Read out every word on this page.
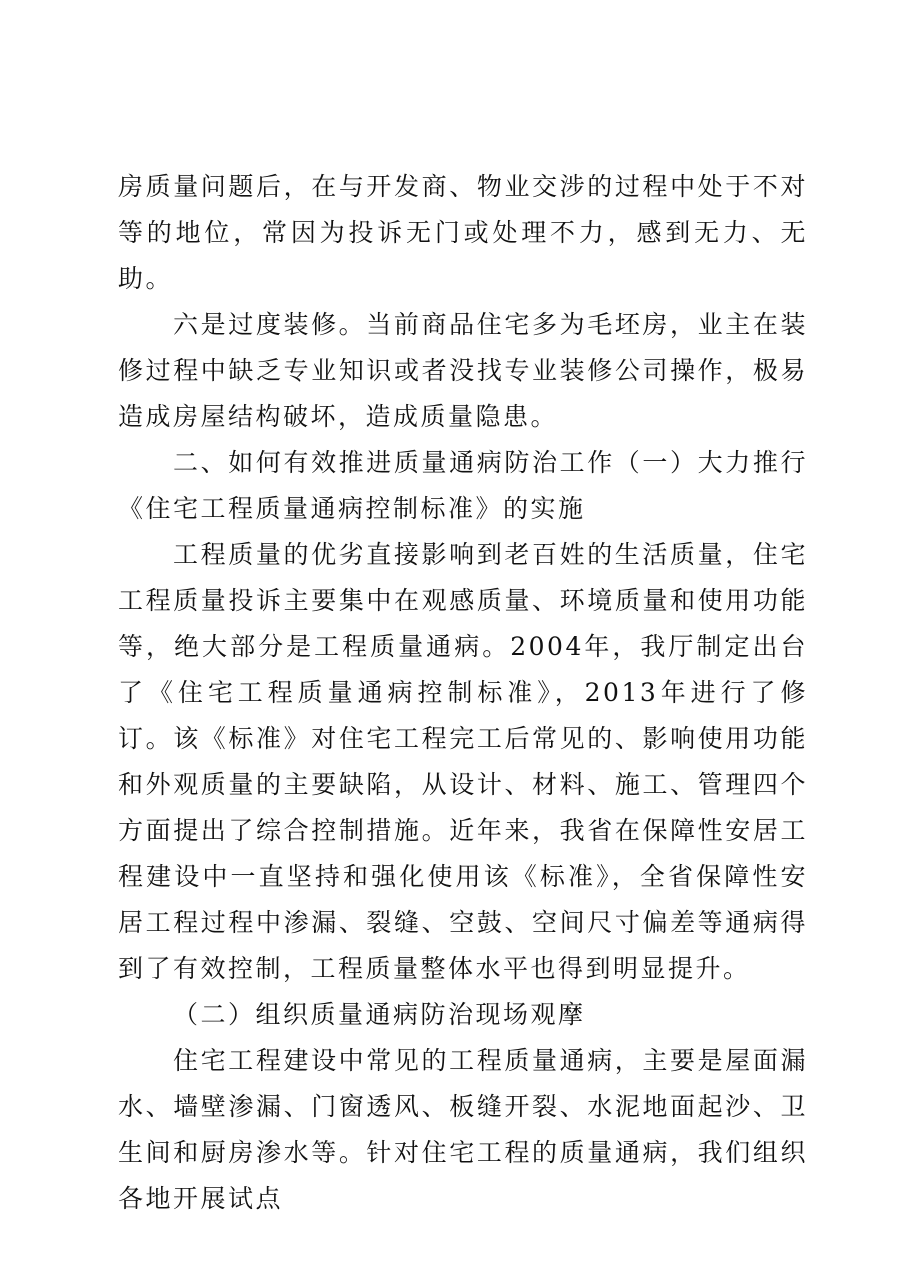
房质量问题后，在与开发商、物业交涉的过程中处于不对等的地位，常因为投诉无门或处理不力，感到无力、无助。

六是过度装修。当前商品住宅多为毛坯房，业主在装修过程中缺乏专业知识或者没找专业装修公司操作，极易造成房屋结构破坏，造成质量隐患。

二、如何有效推进质量通病防治工作（一）大力推行《住宅工程质量通病控制标准》的实施

工程质量的优劣直接影响到老百姓的生活质量，住宅工程质量投诉主要集中在观感质量、环境质量和使用功能等，绝大部分是工程质量通病。2004年，我厅制定出台了《住宅工程质量通病控制标准》，2013年进行了修订。该《标准》对住宅工程完工后常见的、影响使用功能和外观质量的主要缺陷，从设计、材料、施工、管理四个方面提出了综合控制措施。近年来，我省在保障性安居工程建设中一直坚持和强化使用该《标准》，全省保障性安居工程过程中渗漏、裂缝、空鼓、空间尺寸偏差等通病得到了有效控制，工程质量整体水平也得到明显提升。

（二）组织质量通病防治现场观摩

住宅工程建设中常见的工程质量通病，主要是屋面漏水、墙壁渗漏、门窗透风、板缝开裂、水泥地面起沙、卫生间和厨房渗水等。针对住宅工程的质量通病，我们组织各地开展试点
